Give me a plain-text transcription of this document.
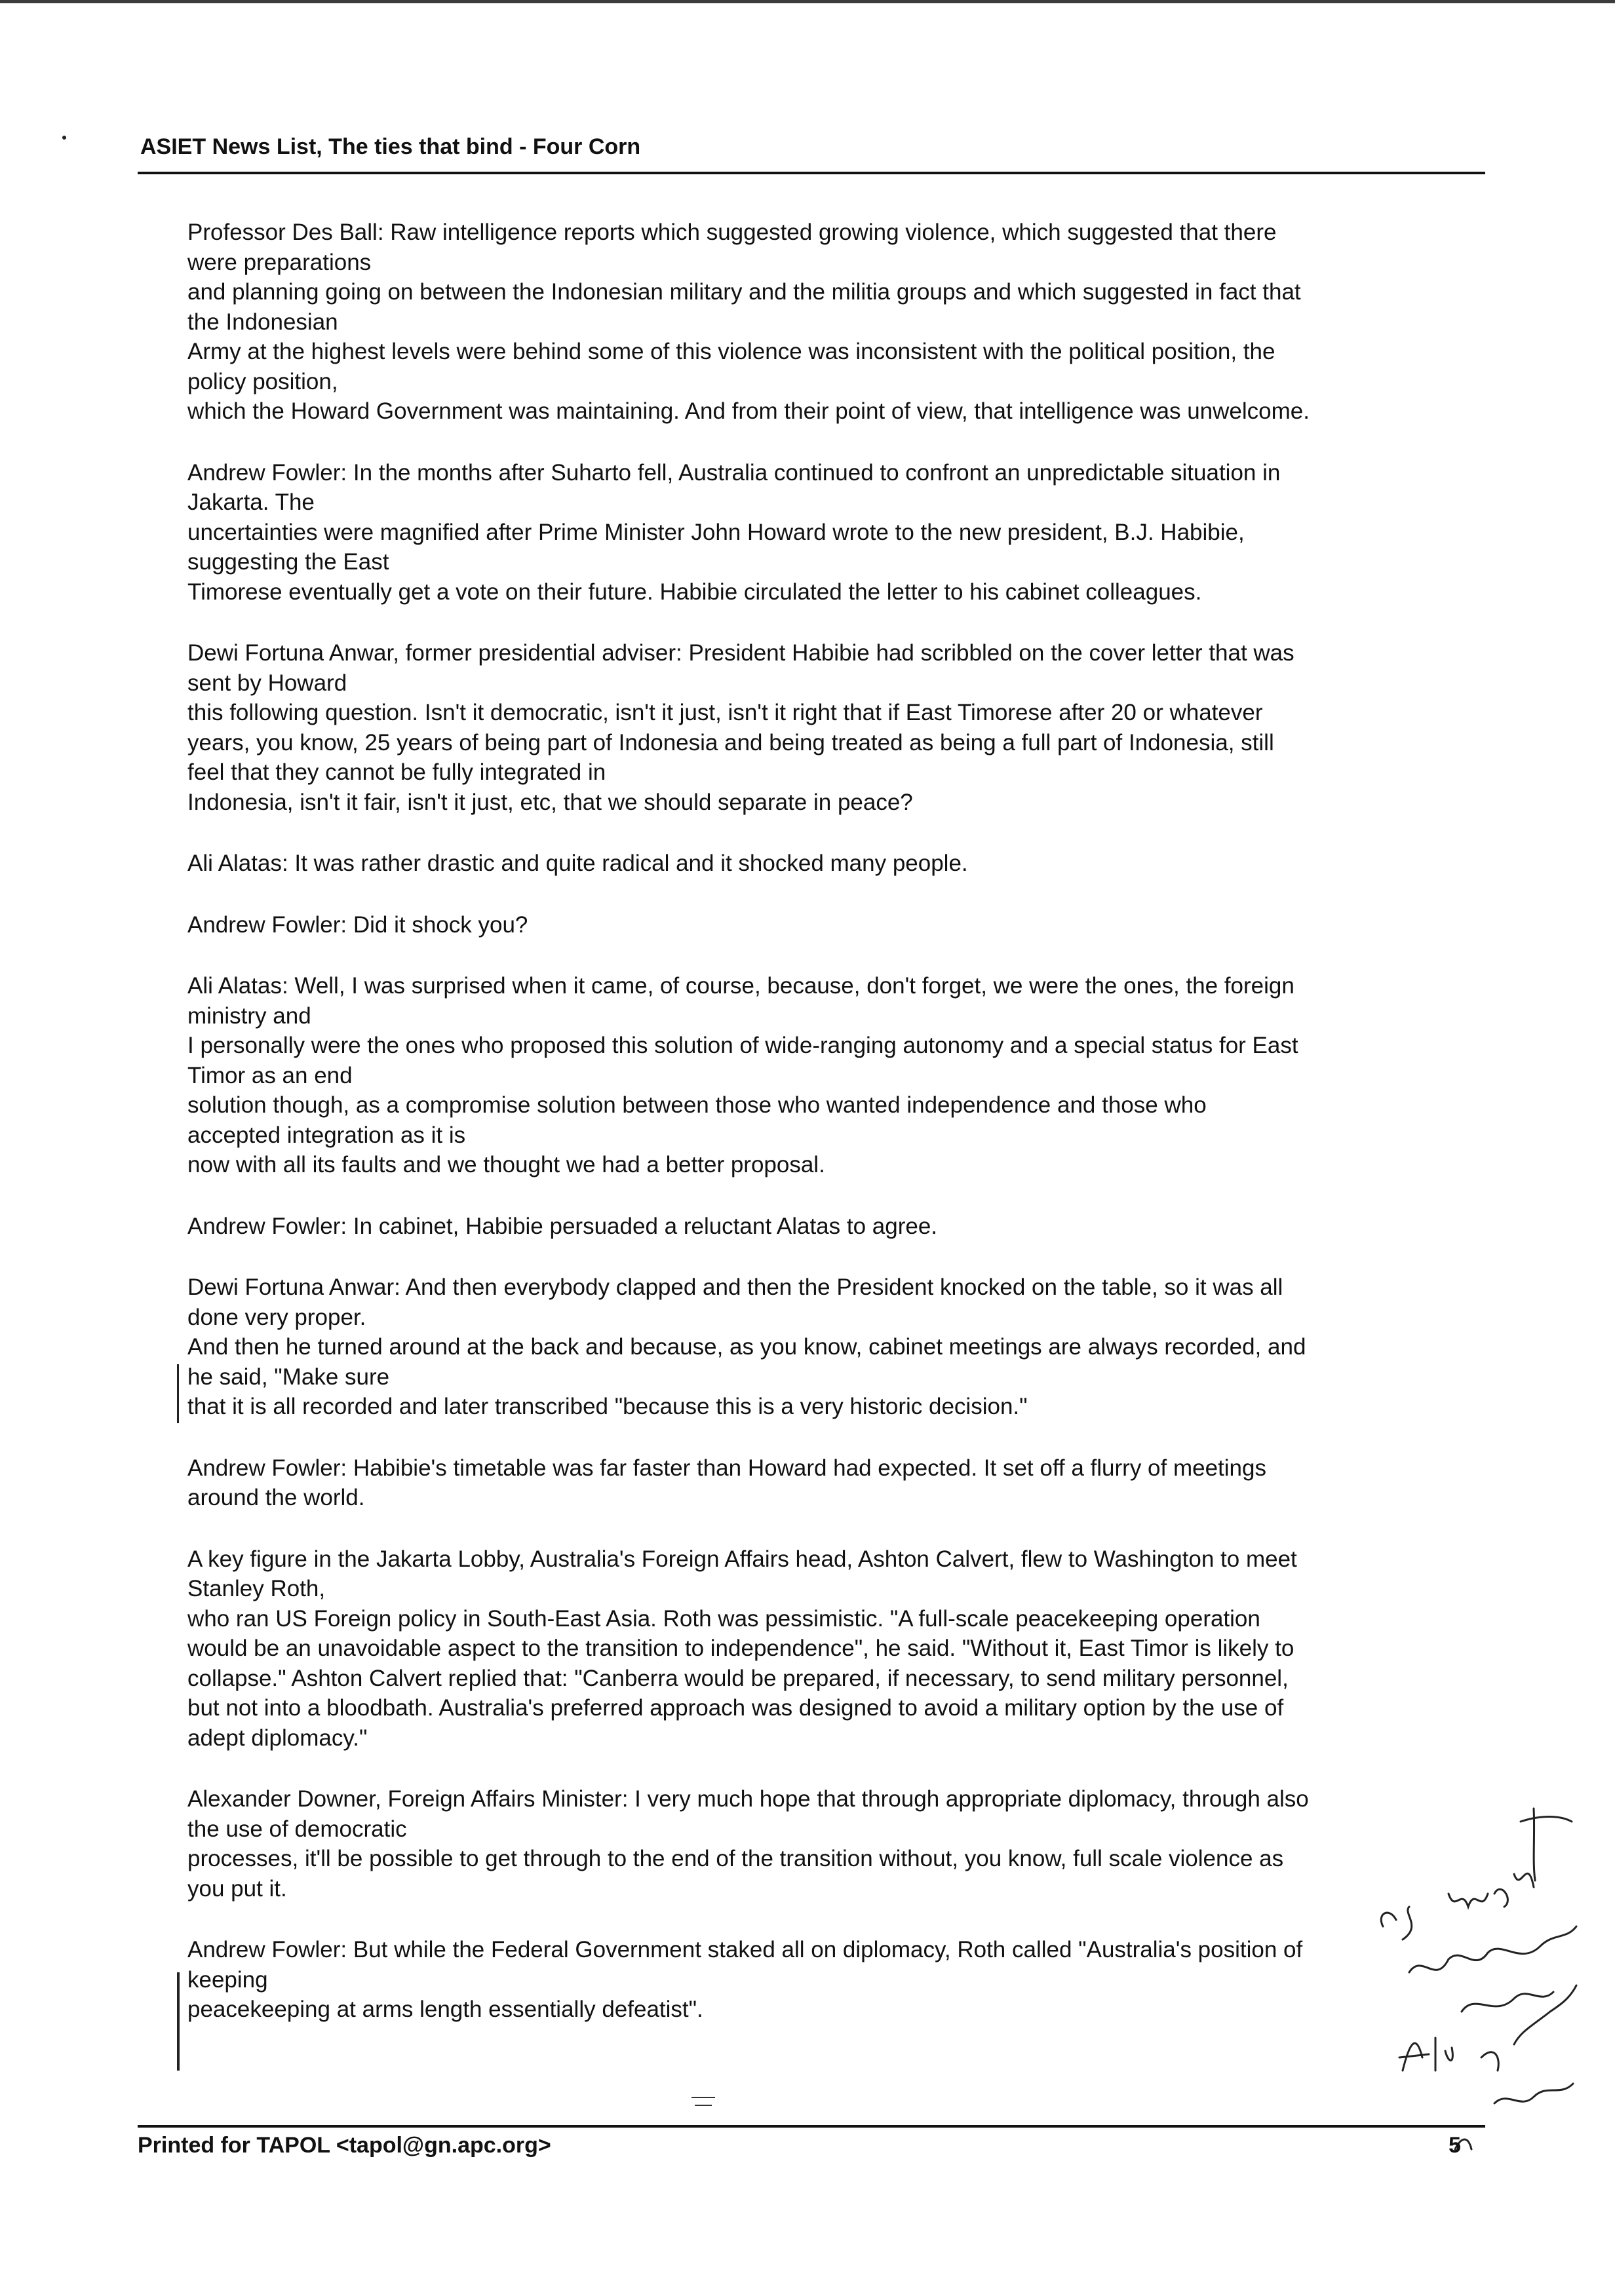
ASIET News List, The ties that bind - Four Corn
Professor Des Ball: Raw intelligence reports which suggested growing violence, which suggested that there
were preparations
and planning going on between the Indonesian military and the militia groups and which suggested in fact that
the Indonesian
Army at the highest levels were behind some of this violence was inconsistent with the political position, the
policy position,
which the Howard Government was maintaining. And from their point of view, that intelligence was unwelcome.
Andrew Fowler: In the months after Suharto fell, Australia continued to confront an unpredictable situation in
Jakarta. The
uncertainties were magnified after Prime Minister John Howard wrote to the new president, B.J. Habibie,
suggesting the East
Timorese eventually get a vote on their future. Habibie circulated the letter to his cabinet colleagues.
Dewi Fortuna Anwar, former presidential adviser: President Habibie had scribbled on the cover letter that was
sent by Howard
this following question. Isn't it democratic, isn't it just, isn't it right that if East Timorese after 20 or whatever
years, you know, 25 years of being part of Indonesia and being treated as being a full part of Indonesia, still
feel that they cannot be fully integrated in
Indonesia, isn't it fair, isn't it just, etc, that we should separate in peace?
Ali Alatas: It was rather drastic and quite radical and it shocked many people.
Andrew Fowler: Did it shock you?
Ali Alatas: Well, I was surprised when it came, of course, because, don't forget, we were the ones, the foreign
ministry and
I personally were the ones who proposed this solution of wide-ranging autonomy and a special status for East
Timor as an end
solution though, as a compromise solution between those who wanted independence and those who
accepted integration as it is
now with all its faults and we thought we had a better proposal.
Andrew Fowler: In cabinet, Habibie persuaded a reluctant Alatas to agree.
Dewi Fortuna Anwar: And then everybody clapped and then the President knocked on the table, so it was all
done very proper.
And then he turned around at the back and because, as you know, cabinet meetings are always recorded, and
he said, "Make sure
that it is all recorded and later transcribed "because this is a very historic decision."
Andrew Fowler: Habibie's timetable was far faster than Howard had expected. It set off a flurry of meetings
around the world.
A key figure in the Jakarta Lobby, Australia's Foreign Affairs head, Ashton Calvert, flew to Washington to meet
Stanley Roth,
who ran US Foreign policy in South-East Asia. Roth was pessimistic. "A full-scale peacekeeping operation
would be an unavoidable aspect to the transition to independence", he said. "Without it, East Timor is likely to
collapse." Ashton Calvert replied that: "Canberra would be prepared, if necessary, to send military personnel,
but not into a bloodbath. Australia's preferred approach was designed to avoid a military option by the use of
adept diplomacy."
Alexander Downer, Foreign Affairs Minister: I very much hope that through appropriate diplomacy, through also
the use of democratic
processes, it'll be possible to get through to the end of the transition without, you know, full scale violence as
you put it.
Andrew Fowler: But while the Federal Government staked all on diplomacy, Roth called "Australia's position of
keeping
peacekeeping at arms length essentially defeatist".
Printed for TAPOL <tapol@gn.apc.org>	5
